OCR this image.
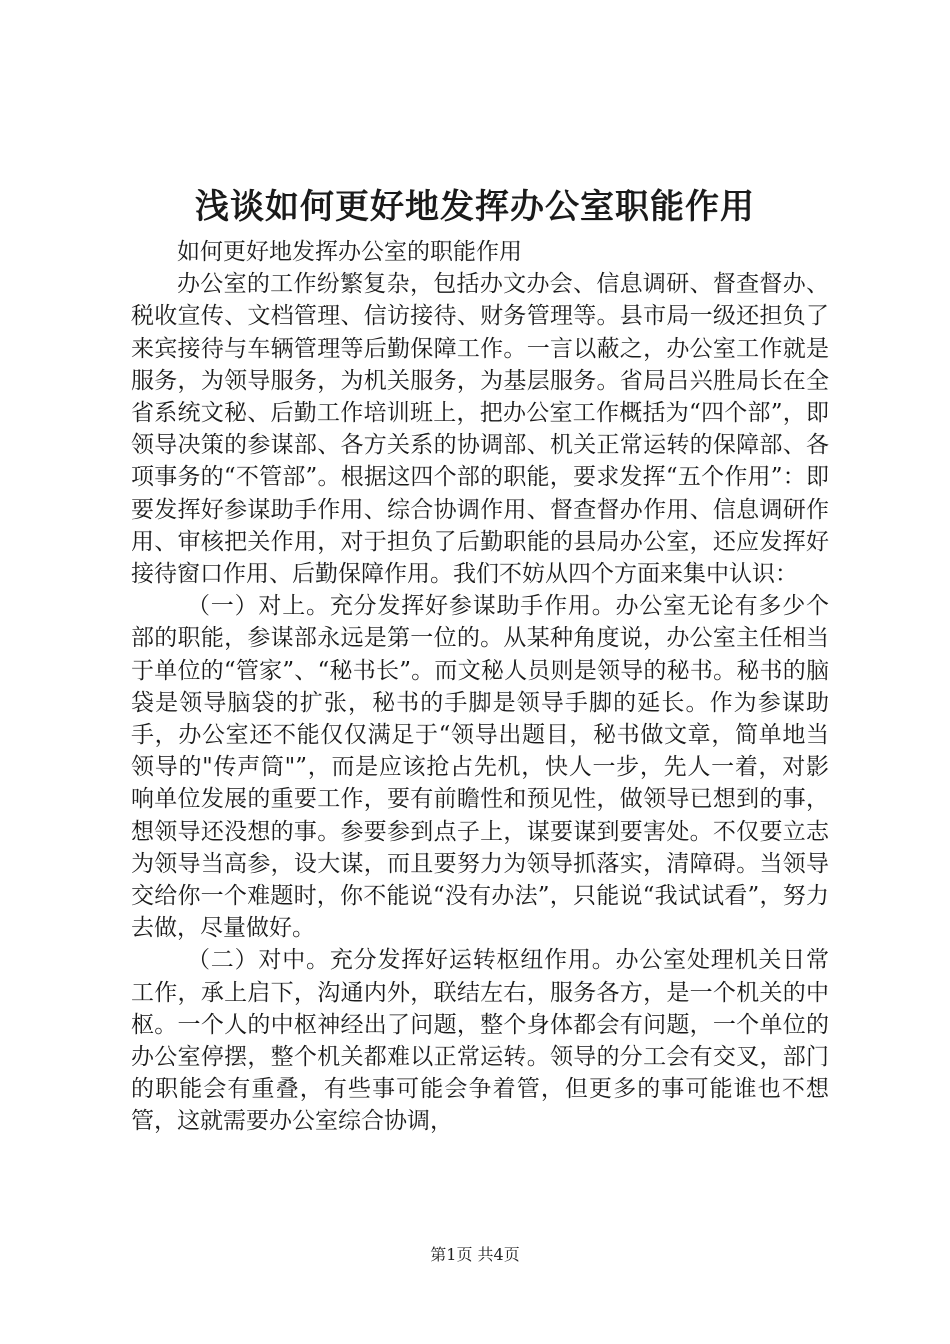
浅谈如何更好地发挥办公室职能作用

如何更好地发挥办公室的职能作用

办公室的工作纷繁复杂，包括办文办会、信息调研、督查督办、税收宣传、文档管理、信访接待、财务管理等。县市局一级还担负了来宾接待与车辆管理等后勤保障工作。一言以蔽之，办公室工作就是服务，为领导服务，为机关服务，为基层服务。省局吕兴胜局长在全省系统文秘、后勤工作培训班上，把办公室工作概括为“四个部”，即领导决策的参谋部、各方关系的协调部、机关正常运转的保障部、各项事务的“不管部”。根据这四个部的职能，要求发挥“五个作用”：即要发挥好参谋助手作用、综合协调作用、督查督办作用、信息调研作用、审核把关作用，对于担负了后勤职能的县局办公室，还应发挥好接待窗口作用、后勤保障作用。我们不妨从四个方面来集中认识：

（一）对上。充分发挥好参谋助手作用。办公室无论有多少个部的职能，参谋部永远是第一位的。从某种角度说，办公室主任相当于单位的“管家”、“秘书长”。而文秘人员则是领导的秘书。秘书的脑袋是领导脑袋的扩张，秘书的手脚是领导手脚的延长。作为参谋助手，办公室还不能仅仅满足于“领导出题目，秘书做文章，简单地当领导的"传声筒"”，而是应该抢占先机，快人一步，先人一着，对影响单位发展的重要工作，要有前瞻性和预见性，做领导已想到的事，想领导还没想的事。参要参到点子上，谋要谋到要害处。不仅要立志为领导当高参，设大谋，而且要努力为领导抓落实，清障碍。当领导交给你一个难题时，你不能说“没有办法”，只能说“我试试看”，努力去做，尽量做好。

（二）对中。充分发挥好运转枢纽作用。办公室处理机关日常工作，承上启下，沟通内外，联结左右，服务各方，是一个机关的中枢。一个人的中枢神经出了问题，整个身体都会有问题，一个单位的办公室停摆，整个机关都难以正常运转。领导的分工会有交叉，部门的职能会有重叠，有些事可能会争着管，但更多的事可能谁也不想管，这就需要办公室综合协调，

第1页 共4页
